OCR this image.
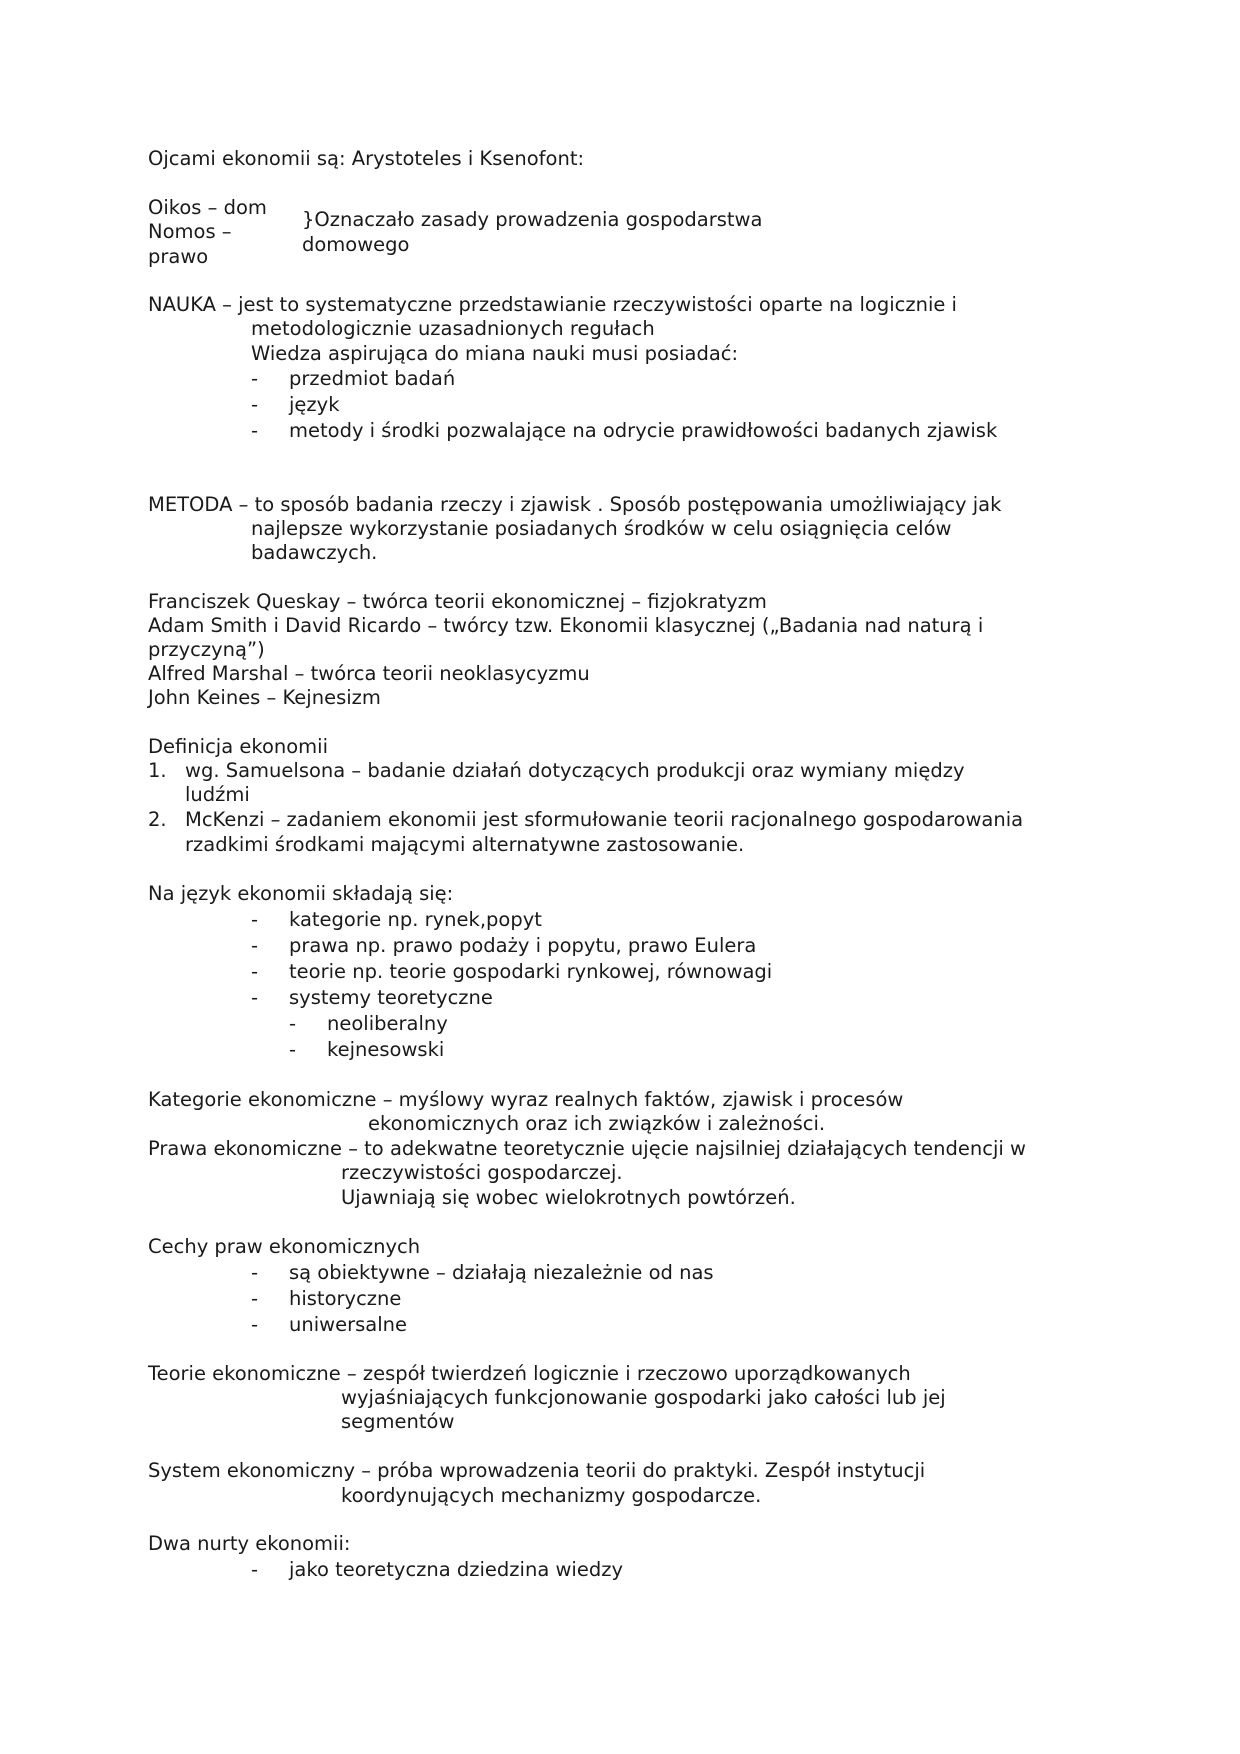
Ojcami ekonomii są: Arystoteles i Ksenofont:
Oikos – dom
Nomos –
prawo
}Oznaczało zasady prowadzenia gospodarstwa
domowego
NAUKA – jest to systematyczne przedstawianie rzeczywistości oparte na logicznie i
metodologicznie uzasadnionych regułach
Wiedza aspirująca do miana nauki musi posiadać:
- przedmiot badań
- język
- metody i środki pozwalające na odrycie prawidłowości badanych zjawisk
METODA – to sposób badania rzeczy i zjawisk . Sposób postępowania umożliwiający jak
najlepsze wykorzystanie posiadanych środków w celu osiągnięcia celów
badawczych.
Franciszek Queskay – twórca teorii ekonomicznej – fizjokratyzm
Adam Smith i David Ricardo – twórcy tzw. Ekonomii klasycznej („Badania nad naturą i
przyczyną”)
Alfred Marshal – twórca teorii neoklasycyzmu
John Keines – Kejnesizm
Definicja ekonomii
1. wg. Samuelsona – badanie działań dotyczących produkcji oraz wymiany między
ludźmi
2. McKenzi – zadaniem ekonomii jest sformułowanie teorii racjonalnego gospodarowania
rzadkimi środkami mającymi alternatywne zastosowanie.
Na język ekonomii składają się:
- kategorie np. rynek,popyt
- prawa np. prawo podaży i popytu, prawo Eulera
- teorie np. teorie gospodarki rynkowej, równowagi
- systemy teoretyczne
- neoliberalny
- kejnesowski
Kategorie ekonomiczne – myślowy wyraz realnych faktów, zjawisk i procesów
ekonomicznych oraz ich związków i zależności.
Prawa ekonomiczne – to adekwatne teoretycznie ujęcie najsilniej działających tendencji w
rzeczywistości gospodarczej.
Ujawniają się wobec wielokrotnych powtórzeń.
Cechy praw ekonomicznych
- są obiektywne – działają niezależnie od nas
- historyczne
- uniwersalne
Teorie ekonomiczne – zespół twierdzeń logicznie i rzeczowo uporządkowanych
wyjaśniających funkcjonowanie gospodarki jako całości lub jej
segmentów
System ekonomiczny – próba wprowadzenia teorii do praktyki. Zespół instytucji
koordynujących mechanizmy gospodarcze.
Dwa nurty ekonomii:
- jako teoretyczna dziedzina wiedzy
